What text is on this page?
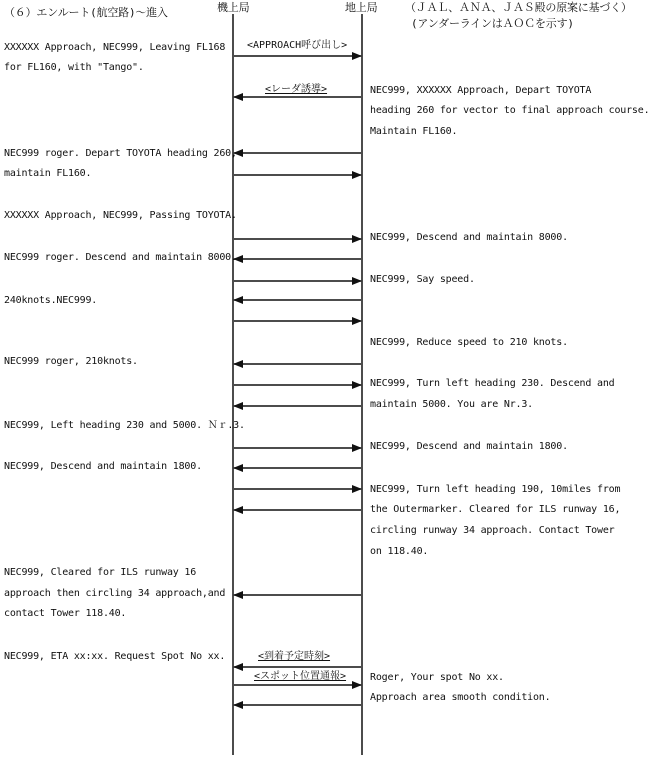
（６）エンルート(航空路)〜進入	機上局	地上局	（ＪＡＬ、ＡＮＡ、ＪＡＳ殿の原案に基づく）
(アンダーラインはＡＯＣを示す)
<APPROACH呼び出し>
<レーダ誘導>
<到着予定時刻>
<スポット位置通報>
XXXXXX Approach, NEC999, Leaving FL168
for FL160, with "Tango".
NEC999 roger. Depart TOYOTA heading 260,
maintain FL160.
XXXXXX Approach, NEC999, Passing TOYOTA.
NEC999 roger. Descend and maintain 8000.
240knots.NEC999.
NEC999 roger, 210knots.
NEC999, Left heading 230 and 5000. Ｎｒ.3.
NEC999, Descend and maintain 1800.
NEC999, Cleared for ILS runway 16
approach then circling 34 approach,and
contact Tower 118.40.
NEC999, ETA xx:xx. Request Spot No xx.
NEC999, XXXXXX Approach, Depart TOYOTA
heading 260 for vector to final approach course.
Maintain FL160.
NEC999, Descend and maintain 8000.
NEC999, Say speed.
NEC999, Reduce speed to 210 knots.
NEC999, Turn left heading 230. Descend and
maintain 5000. You are Nr.3.
NEC999, Descend and maintain 1800.
NEC999, Turn left heading 190, 10miles from
the Outermarker. Cleared for ILS runway 16,
circling runway 34 approach. Contact Tower
on 118.40.
Roger, Your spot No xx.
Approach area smooth condition.
